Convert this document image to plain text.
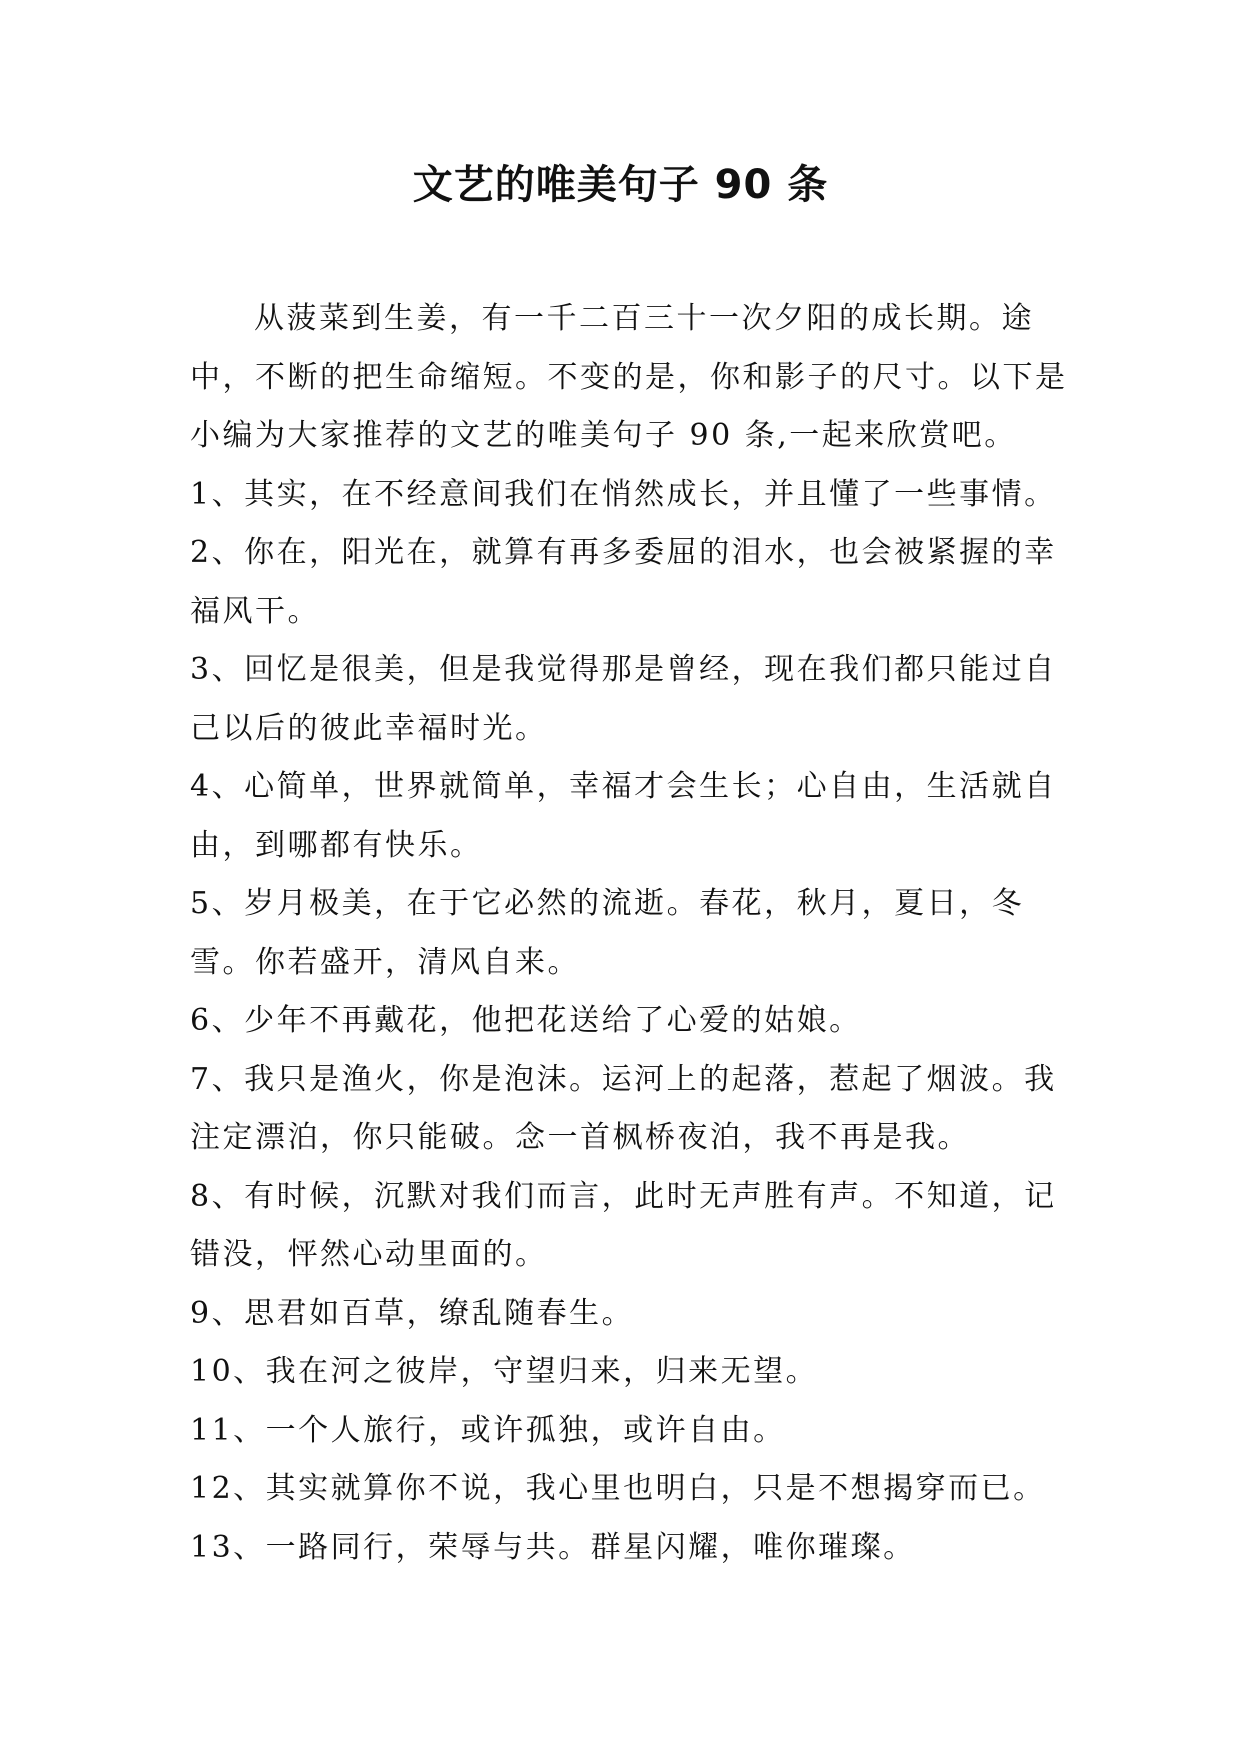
文艺的唯美句子 90 条

从菠菜到生姜，有一千二百三十一次夕阳的成长期。途中，不断的把生命缩短。不变的是，你和影子的尺寸。以下是小编为大家推荐的文艺的唯美句子 90 条,一起来欣赏吧。

1、其实，在不经意间我们在悄然成长，并且懂了一些事情。

2、你在，阳光在，就算有再多委屈的泪水，也会被紧握的幸福风干。

3、回忆是很美，但是我觉得那是曾经，现在我们都只能过自己以后的彼此幸福时光。

4、心简单，世界就简单，幸福才会生长；心自由，生活就自由，到哪都有快乐。

5、岁月极美，在于它必然的流逝。春花，秋月，夏日，冬雪。你若盛开，清风自来。

6、少年不再戴花，他把花送给了心爱的姑娘。

7、我只是渔火，你是泡沫。运河上的起落，惹起了烟波。我注定漂泊，你只能破。念一首枫桥夜泊，我不再是我。

8、有时候，沉默对我们而言，此时无声胜有声。不知道，记错没，怦然心动里面的。

9、思君如百草，缭乱随春生。

10、我在河之彼岸，守望归来，归来无望。

11、一个人旅行，或许孤独，或许自由。

12、其实就算你不说，我心里也明白，只是不想揭穿而已。

13、一路同行，荣辱与共。群星闪耀，唯你璀璨。
